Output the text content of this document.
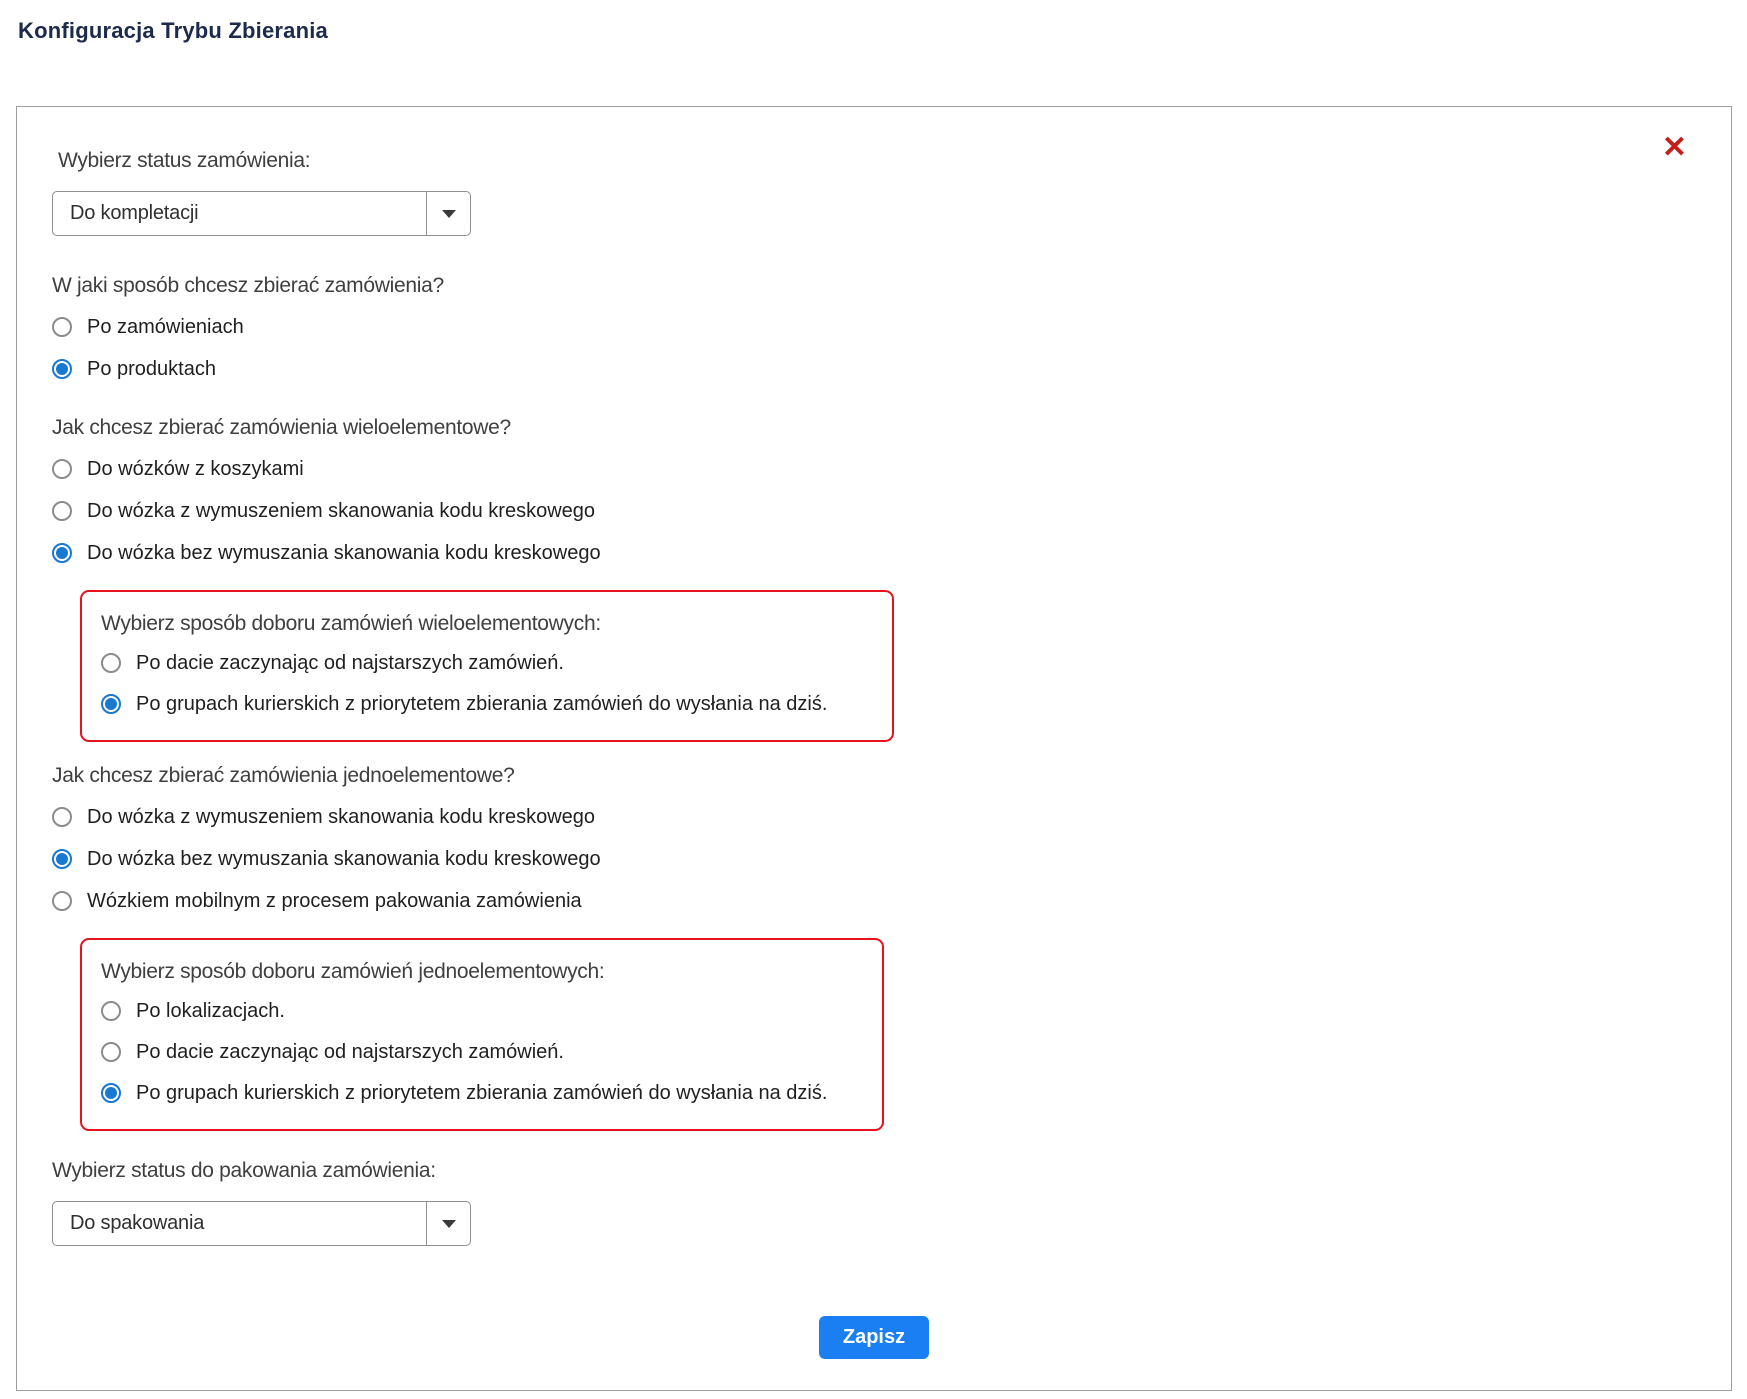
Konfiguracja Trybu Zbierania
✕
Wybierz status zamówienia:
Do kompletacji
W jaki sposób chcesz zbierać zamówienia?
Po zamówieniach
Po produktach
Jak chcesz zbierać zamówienia wieloelementowe?
Do wózków z koszykami
Do wózka z wymuszeniem skanowania kodu kreskowego
Do wózka bez wymuszania skanowania kodu kreskowego
Wybierz sposób doboru zamówień wieloelementowych:
Po dacie zaczynając od najstarszych zamówień.
Po grupach kurierskich z priorytetem zbierania zamówień do wysłania na dziś.
Jak chcesz zbierać zamówienia jednoelementowe?
Do wózka z wymuszeniem skanowania kodu kreskowego
Do wózka bez wymuszania skanowania kodu kreskowego
Wózkiem mobilnym z procesem pakowania zamówienia
Wybierz sposób doboru zamówień jednoelementowych:
Po lokalizacjach.
Po dacie zaczynając od najstarszych zamówień.
Po grupach kurierskich z priorytetem zbierania zamówień do wysłania na dziś.
Wybierz status do pakowania zamówienia:
Do spakowania
Zapisz
